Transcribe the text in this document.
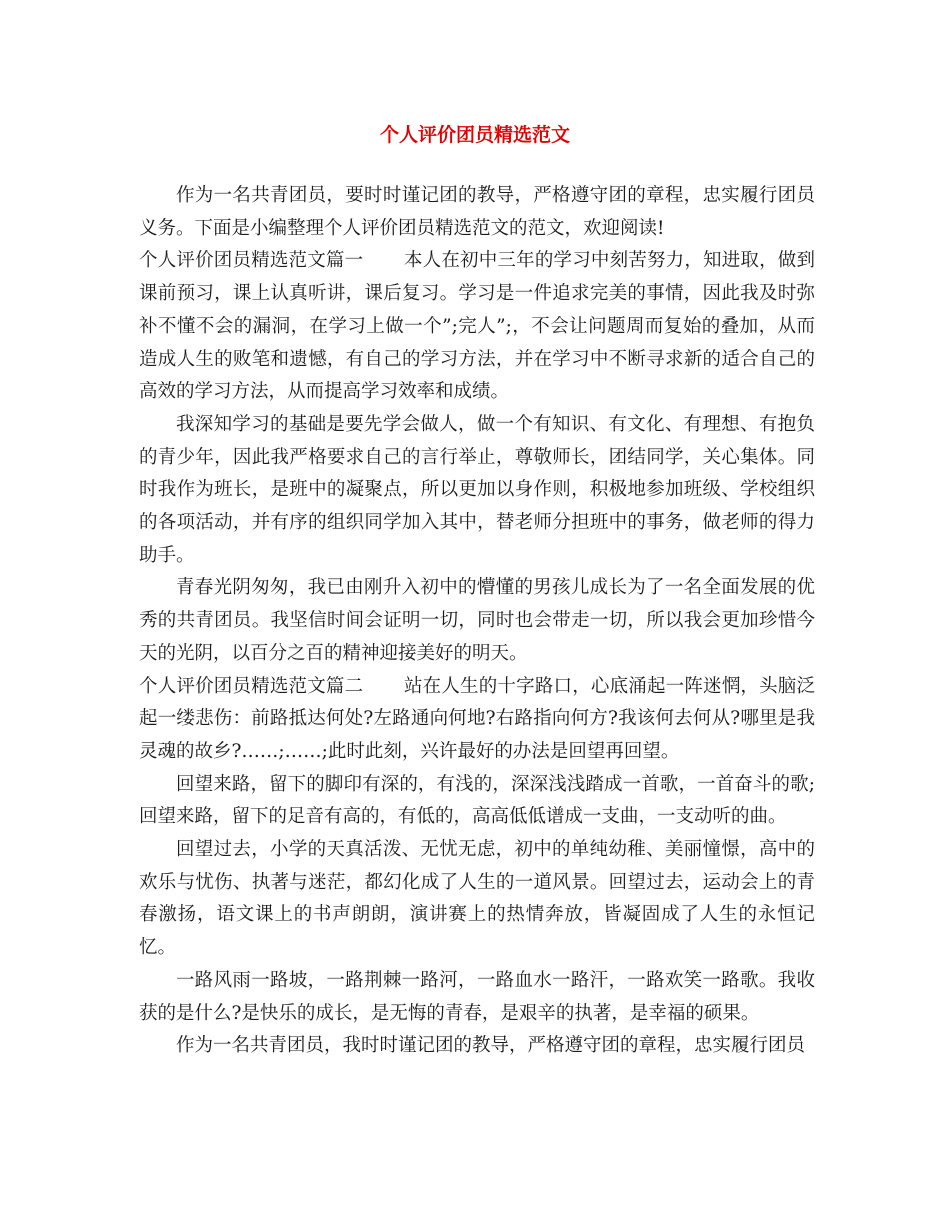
个人评价团员精选范文

作为一名共青团员，要时时谨记团的教导，严格遵守团的章程，忠实履行团员义务。下面是小编整理个人评价团员精选范文的范文，欢迎阅读!

个人评价团员精选范文篇一 本人在初中三年的学习中刻苦努力，知进取，做到课前预习，课上认真听讲，课后复习。学习是一件追求完美的事情，因此我及时弥补不懂不会的漏洞，在学习上做一个”;完人”;，不会让问题周而复始的叠加，从而造成人生的败笔和遗憾，有自己的学习方法，并在学习中不断寻求新的适合自己的高效的学习方法，从而提高学习效率和成绩。

我深知学习的基础是要先学会做人，做一个有知识、有文化、有理想、有抱负的青少年，因此我严格要求自己的言行举止，尊敬师长，团结同学，关心集体。同时我作为班长，是班中的凝聚点，所以更加以身作则，积极地参加班级、学校组织的各项活动，并有序的组织同学加入其中，替老师分担班中的事务，做老师的得力助手。

青春光阴匆匆，我已由刚升入初中的懵懂的男孩儿成长为了一名全面发展的优秀的共青团员。我坚信时间会证明一切，同时也会带走一切，所以我会更加珍惜今天的光阴，以百分之百的精神迎接美好的明天。

个人评价团员精选范文篇二 站在人生的十字路口，心底涌起一阵迷惘，头脑泛起一缕悲伤：前路抵达何处?左路通向何地?右路指向何方?我该何去何从?哪里是我灵魂的故乡?……;……;此时此刻，兴许最好的办法是回望再回望。

回望来路，留下的脚印有深的，有浅的，深深浅浅踏成一首歌，一首奋斗的歌;回望来路，留下的足音有高的，有低的，高高低低谱成一支曲，一支动听的曲。

回望过去，小学的天真活泼、无忧无虑，初中的单纯幼稚、美丽憧憬，高中的欢乐与忧伤、执著与迷茫，都幻化成了人生的一道风景。回望过去，运动会上的青春激扬，语文课上的书声朗朗，演讲赛上的热情奔放，皆凝固成了人生的永恒记忆。

一路风雨一路坡，一路荆棘一路河，一路血水一路汗，一路欢笑一路歌。我收获的是什么?是快乐的成长，是无悔的青春，是艰辛的执著，是幸福的硕果。

作为一名共青团员，我时时谨记团的教导，严格遵守团的章程，忠实履行团员
